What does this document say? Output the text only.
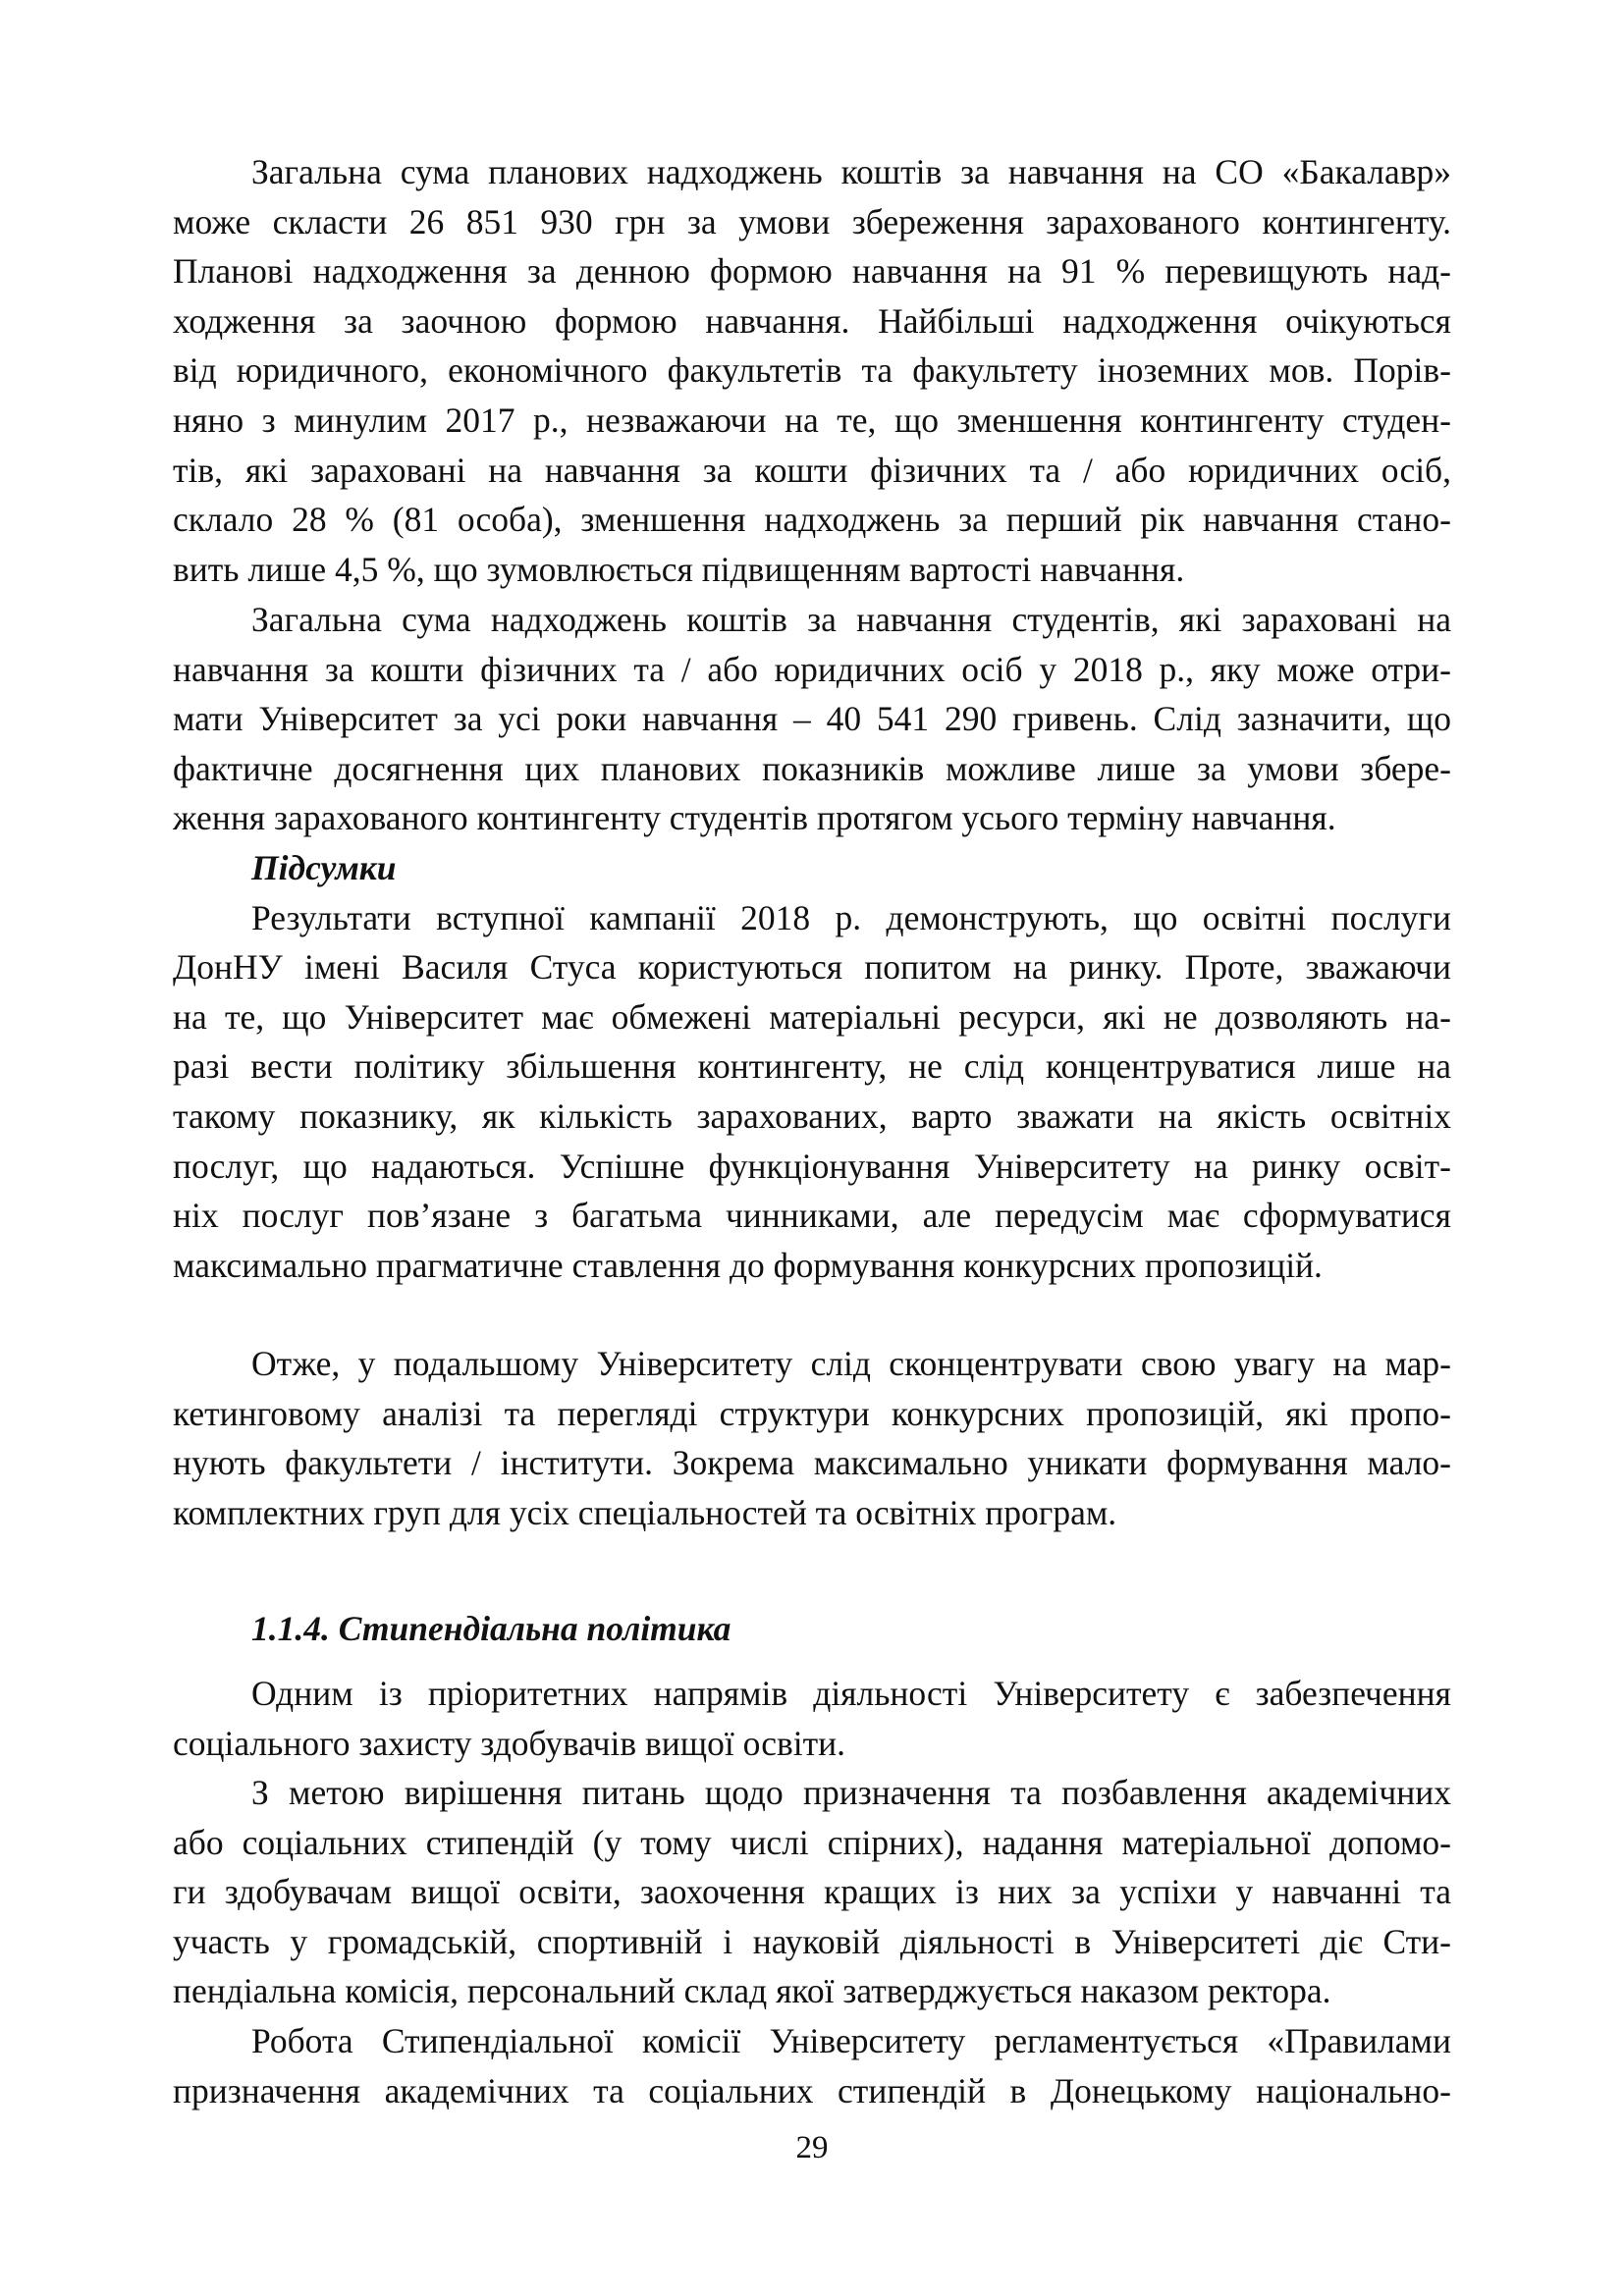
Загальна сума планових надходжень коштів за навчання на СО «Бакалавр»
може скласти 26 851 930 грн за умови збереження зарахованого контингенту.
Планові надходження за денною формою навчання на 91 % перевищують над-
ходження за заочною формою навчання. Найбільші надходження очікуються
від юридичного, економічного факультетів та факультету іноземних мов. Порів-
няно з минулим 2017 р., незважаючи на те, що зменшення контингенту студен-
тів, які зараховані на навчання за кошти фізичних та / або юридичних осіб,
склало 28 % (81 особа), зменшення надходжень за перший рік навчання стано-
вить лише 4,5 %, що зумовлюється підвищенням вартості навчання.
Загальна сума надходжень коштів за навчання студентів, які зараховані на
навчання за кошти фізичних та / або юридичних осіб у 2018 р., яку може отри-
мати Університет за усі роки навчання – 40 541 290 гривень. Слід зазначити, що
фактичне досягнення цих планових показників можливе лише за умови збере-
ження зарахованого контингенту студентів протягом усього терміну навчання.
Підсумки
Результати вступної кампанії 2018 р. демонструють, що освітні послуги
ДонНУ імені Василя Стуса користуються попитом на ринку. Проте, зважаючи
на те, що Університет має обмежені матеріальні ресурси, які не дозволяють на-
разі вести політику збільшення контингенту, не слід концентруватися лише на
такому показнику, як кількість зарахованих, варто зважати на якість освітніх
послуг, що надаються. Успішне функціонування Університету на ринку освіт-
ніх послуг пов’язане з багатьма чинниками, але передусім має сформуватися
максимально прагматичне ставлення до формування конкурсних пропозицій.
Отже, у подальшому Університету слід сконцентрувати свою увагу на мар-
кетинговому аналізі та перегляді структури конкурсних пропозицій, які пропо-
нують факультети / інститути. Зокрема максимально уникати формування мало-
комплектних груп для усіх спеціальностей та освітніх програм.
1.1.4. Стипендіальна політика
Одним із пріоритетних напрямів діяльності Університету є забезпечення
соціального захисту здобувачів вищої освіти.
З метою вирішення питань щодо призначення та позбавлення академічних
або соціальних стипендій (у тому числі спірних), надання матеріальної допомо-
ги здобувачам вищої освіти, заохочення кращих із них за успіхи у навчанні та
участь у громадській, спортивній і науковій діяльності в Університеті діє Сти-
пендіальна комісія, персональний склад якої затверджується наказом ректора.
Робота Стипендіальної комісії Університету регламентується «Правилами
призначення академічних та соціальних стипендій в Донецькому національно-
29
